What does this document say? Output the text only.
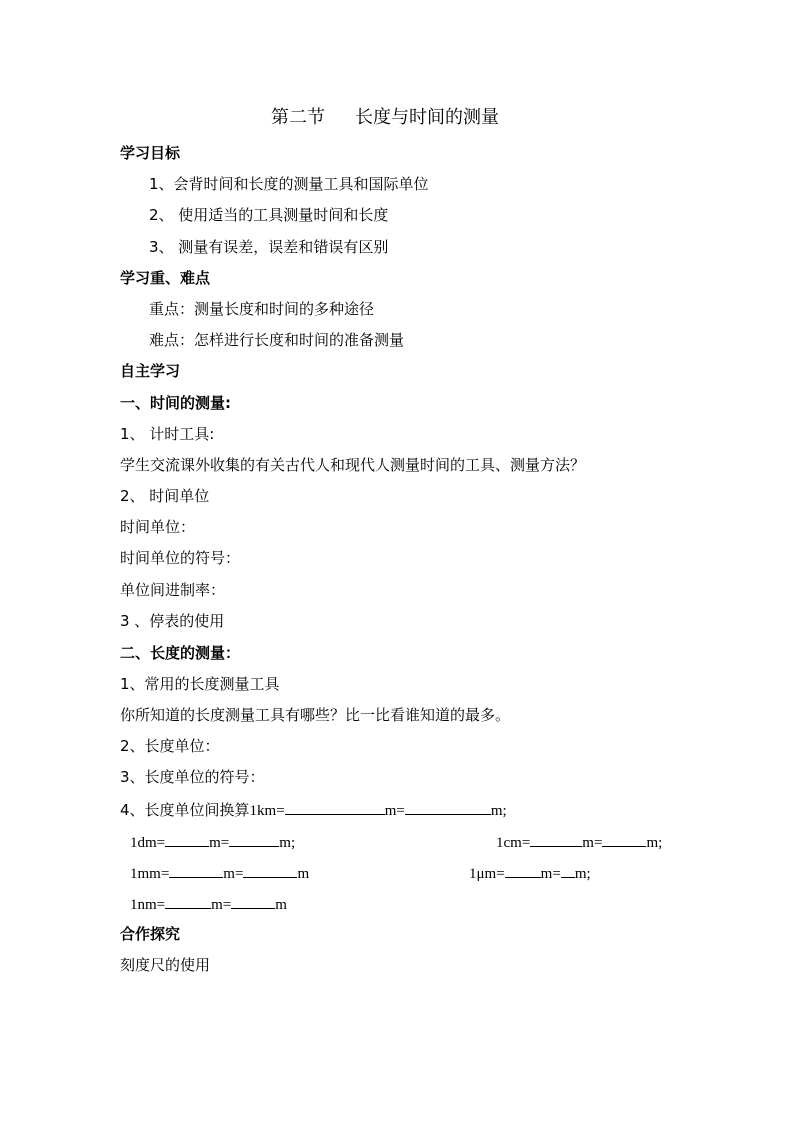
第二节 长度与时间的测量
学习目标
1、会背时间和长度的测量工具和国际单位
2、 使用适当的工具测量时间和长度
3、 测量有误差，误差和错误有区别
学习重、难点
重点：测量长度和时间的多种途径
难点：怎样进行长度和时间的准备测量
自主学习
一、时间的测量:
1、 计时工具:
学生交流课外收集的有关古代人和现代人测量时间的工具、测量方法？
2、 时间单位
时间单位：
时间单位的符号：
单位间进制率：
3 、停表的使用
二、长度的测量：
1、常用的长度测量工具
你所知道的长度测量工具有哪些？比一比看谁知道的最多。
2、长度单位：
3、长度单位的符号：
4、长度单位间换算1km=	m=	m;
1dm=	m=	m;	1cm=	m=	m;
1mm=	m=	m	1μm= m= m;
1nm=	m=	m
合作探究
刻度尺的使用
